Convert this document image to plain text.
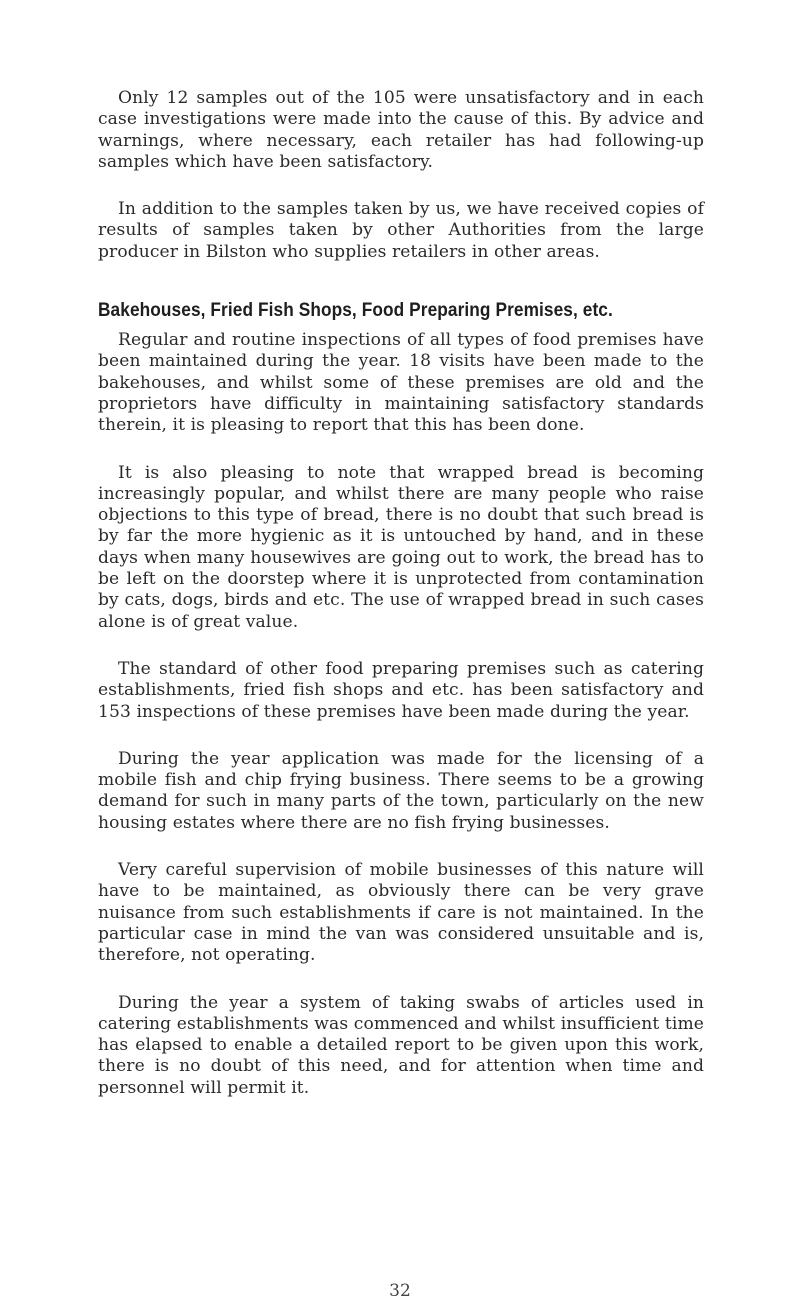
Only 12 samples out of the 105 were unsatisfactory and in each case investigations were made into the cause of this. By advice and warnings, where necessary, each retailer has had following-up samples which have been satisfactory.

In addition to the samples taken by us, we have received copies of results of samples taken by other Authorities from the large producer in Bilston who supplies retailers in other areas.

Bakehouses, Fried Fish Shops, Food Preparing Premises, etc.

Regular and routine inspections of all types of food premises have been maintained during the year. 18 visits have been made to the bakehouses, and whilst some of these premises are old and the proprietors have difficulty in maintaining satisfactory standards therein, it is pleasing to report that this has been done.

It is also pleasing to note that wrapped bread is becoming increasingly popular, and whilst there are many people who raise objections to this type of bread, there is no doubt that such bread is by far the more hygienic as it is untouched by hand, and in these days when many housewives are going out to work, the bread has to be left on the doorstep where it is unprotected from contamination by cats, dogs, birds and etc. The use of wrapped bread in such cases alone is of great value.

The standard of other food preparing premises such as catering establishments, fried fish shops and etc. has been satisfactory and 153 inspections of these premises have been made during the year.

During the year application was made for the licensing of a mobile fish and chip frying business. There seems to be a growing demand for such in many parts of the town, particularly on the new housing estates where there are no fish frying businesses.

Very careful supervision of mobile businesses of this nature will have to be maintained, as obviously there can be very grave nuisance from such establishments if care is not maintained. In the particular case in mind the van was considered unsuitable and is, therefore, not operating.

During the year a system of taking swabs of articles used in catering establishments was commenced and whilst insufficient time has elapsed to enable a detailed report to be given upon this work, there is no doubt of this need, and for attention when time and personnel will permit it.

32
